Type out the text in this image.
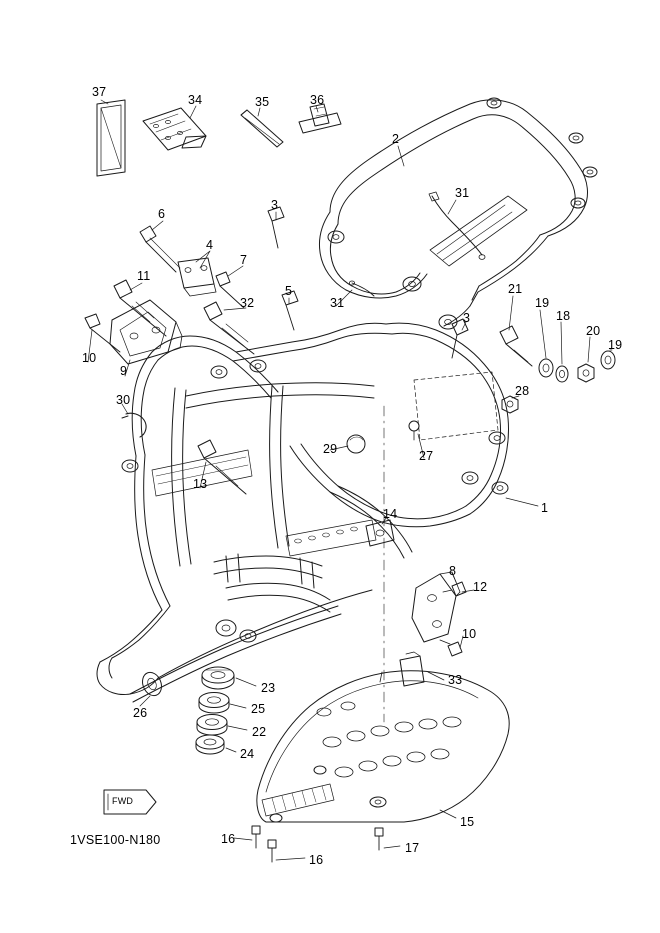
37
34	35	36
2
31
6
3
4
7
11
5
31
3
21
19
18
20
19
32
10
9
28
30
29	27
13
1
14
8
12
10
23
33
26	25
22
24
15
16
16
17
FWD
1VSE100-N180
